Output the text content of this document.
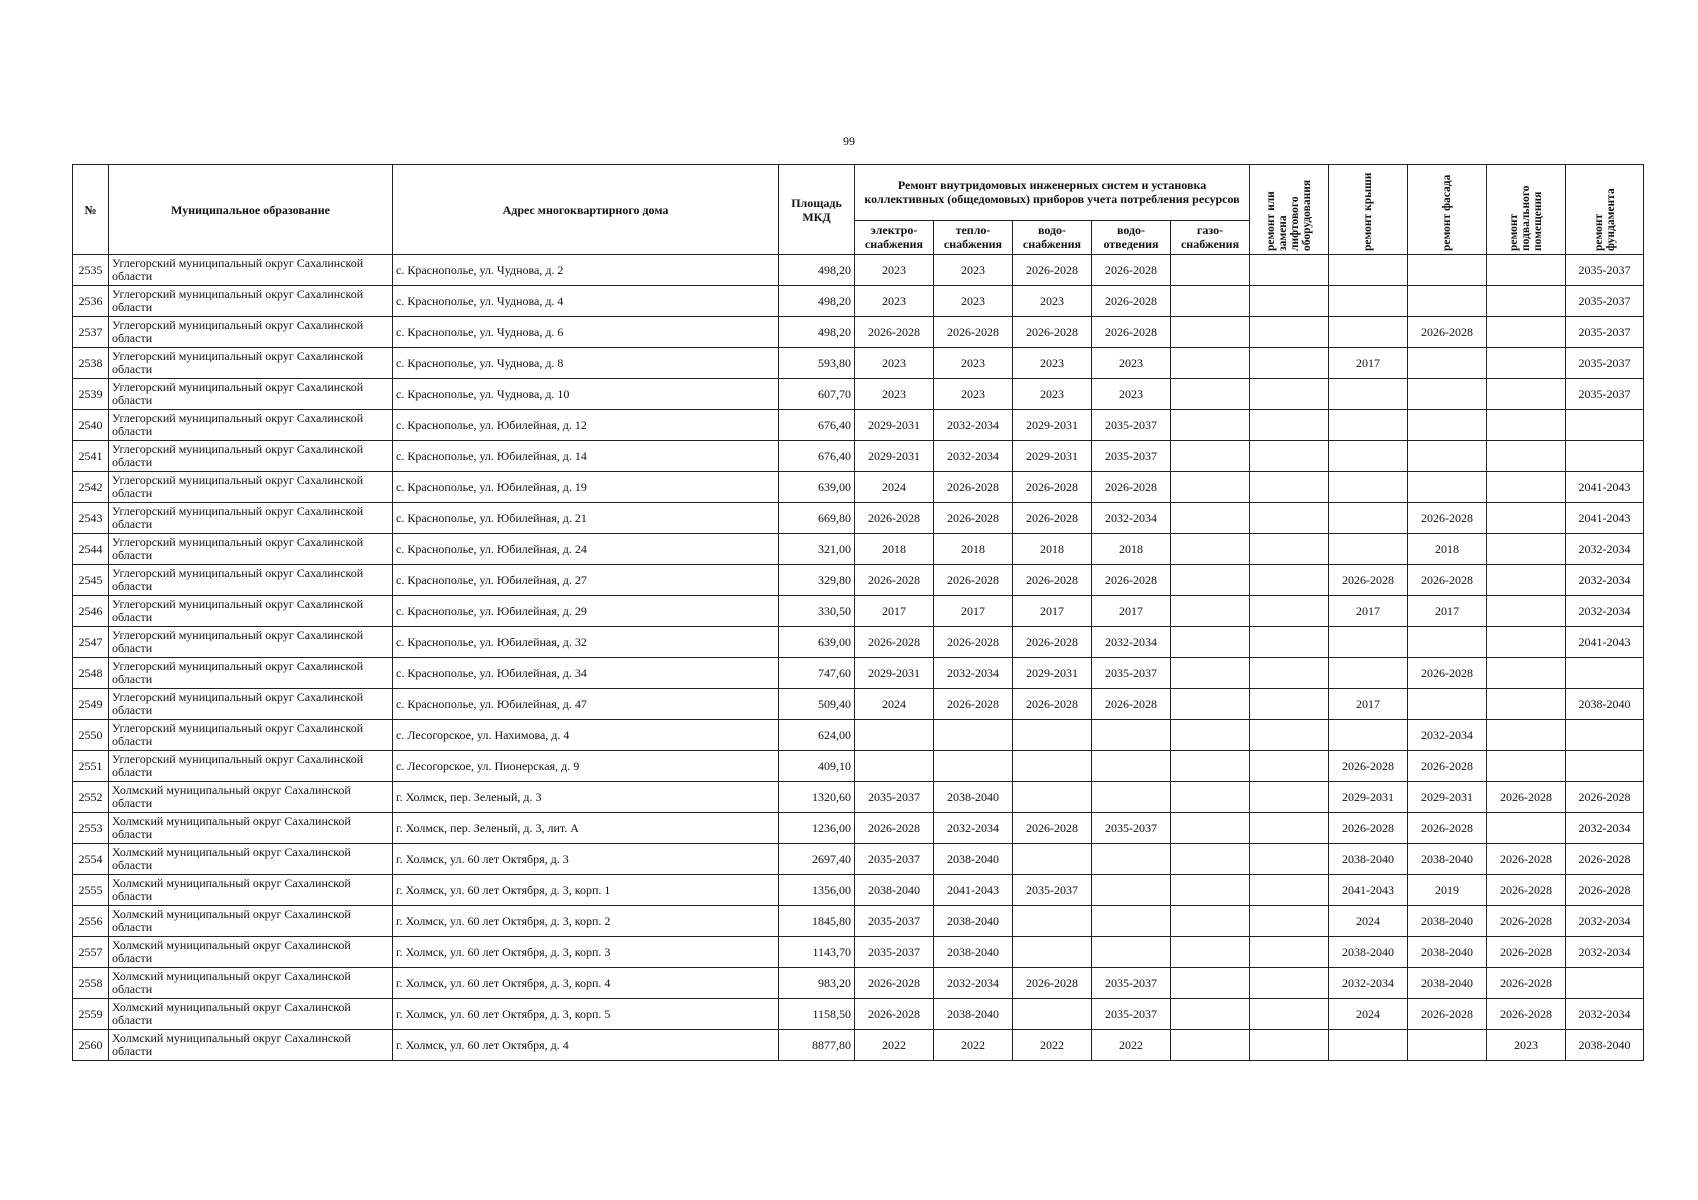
99
№	Муниципальное образование	Адрес многоквартирного дома	Площадь МКД	Ремонт внутридомовых инженерных систем и установка коллективных (общедомовых) приборов учета потребления ресурсов					ремонт или замена лифтового оборудования	ремонт крыши	ремонт фасада	ремонт подвального помещения	ремонт фундамента
				электро-снабжения	тепло-снабжения	водо-снабжения	водо-отведения	газо-снабжения					
2535	Углегорский муниципальный округ Сахалинской области	с. Краснополье, ул. Чуднова, д. 2	498,20	2023	2023	2026-2028	2026-2028						2035-2037
2536	Углегорский муниципальный округ Сахалинской области	с. Краснополье, ул. Чуднова, д. 4	498,20	2023	2023	2023	2026-2028						2035-2037
2537	Углегорский муниципальный округ Сахалинской области	с. Краснополье, ул. Чуднова, д. 6	498,20	2026-2028	2026-2028	2026-2028	2026-2028				2026-2028		2035-2037
2538	Углегорский муниципальный округ Сахалинской области	с. Краснополье, ул. Чуднова, д. 8	593,80	2023	2023	2023	2023			2017			2035-2037
2539	Углегорский муниципальный округ Сахалинской области	с. Краснополье, ул. Чуднова, д. 10	607,70	2023	2023	2023	2023						2035-2037
2540	Углегорский муниципальный округ Сахалинской области	с. Краснополье, ул. Юбилейная, д. 12	676,40	2029-2031	2032-2034	2029-2031	2035-2037						
2541	Углегорский муниципальный округ Сахалинской области	с. Краснополье, ул. Юбилейная, д. 14	676,40	2029-2031	2032-2034	2029-2031	2035-2037						
2542	Углегорский муниципальный округ Сахалинской области	с. Краснополье, ул. Юбилейная, д. 19	639,00	2024	2026-2028	2026-2028	2026-2028						2041-2043
2543	Углегорский муниципальный округ Сахалинской области	с. Краснополье, ул. Юбилейная, д. 21	669,80	2026-2028	2026-2028	2026-2028	2032-2034				2026-2028		2041-2043
2544	Углегорский муниципальный округ Сахалинской области	с. Краснополье, ул. Юбилейная, д. 24	321,00	2018	2018	2018	2018				2018		2032-2034
2545	Углегорский муниципальный округ Сахалинской области	с. Краснополье, ул. Юбилейная, д. 27	329,80	2026-2028	2026-2028	2026-2028	2026-2028			2026-2028	2026-2028		2032-2034
2546	Углегорский муниципальный округ Сахалинской области	с. Краснополье, ул. Юбилейная, д. 29	330,50	2017	2017	2017	2017			2017	2017		2032-2034
2547	Углегорский муниципальный округ Сахалинской области	с. Краснополье, ул. Юбилейная, д. 32	639,00	2026-2028	2026-2028	2026-2028	2032-2034						2041-2043
2548	Углегорский муниципальный округ Сахалинской области	с. Краснополье, ул. Юбилейная, д. 34	747,60	2029-2031	2032-2034	2029-2031	2035-2037				2026-2028		
2549	Углегорский муниципальный округ Сахалинской области	с. Краснополье, ул. Юбилейная, д. 47	509,40	2024	2026-2028	2026-2028	2026-2028			2017			2038-2040
2550	Углегорский муниципальный округ Сахалинской области	с. Лесогорское, ул. Нахимова, д. 4	624,00								2032-2034		
2551	Углегорский муниципальный округ Сахалинской области	с. Лесогорское, ул. Пионерская, д. 9	409,10							2026-2028	2026-2028		
2552	Холмский муниципальный округ Сахалинской области	г. Холмск, пер. Зеленый, д. 3	1320,60	2035-2037	2038-2040					2029-2031	2029-2031	2026-2028	2026-2028
2553	Холмский муниципальный округ Сахалинской области	г. Холмск, пер. Зеленый, д. 3, лит. А	1236,00	2026-2028	2032-2034	2026-2028	2035-2037			2026-2028	2026-2028		2032-2034
2554	Холмский муниципальный округ Сахалинской области	г. Холмск, ул. 60 лет Октября, д. 3	2697,40	2035-2037	2038-2040					2038-2040	2038-2040	2026-2028	2026-2028
2555	Холмский муниципальный округ Сахалинской области	г. Холмск, ул. 60 лет Октября, д. 3, корп. 1	1356,00	2038-2040	2041-2043	2035-2037				2041-2043	2019	2026-2028	2026-2028
2556	Холмский муниципальный округ Сахалинской области	г. Холмск, ул. 60 лет Октября, д. 3, корп. 2	1845,80	2035-2037	2038-2040					2024	2038-2040	2026-2028	2032-2034
2557	Холмский муниципальный округ Сахалинской области	г. Холмск, ул. 60 лет Октября, д. 3, корп. 3	1143,70	2035-2037	2038-2040					2038-2040	2038-2040	2026-2028	2032-2034
2558	Холмский муниципальный округ Сахалинской области	г. Холмск, ул. 60 лет Октября, д. 3, корп. 4	983,20	2026-2028	2032-2034	2026-2028	2035-2037			2032-2034	2038-2040	2026-2028	
2559	Холмский муниципальный округ Сахалинской области	г. Холмск, ул. 60 лет Октября, д. 3, корп. 5	1158,50	2026-2028	2038-2040		2035-2037			2024	2026-2028	2026-2028	2032-2034
2560	Холмский муниципальный округ Сахалинской области	г. Холмск, ул. 60 лет Октября, д. 4	8877,80	2022	2022	2022	2022					2023	2038-2040
